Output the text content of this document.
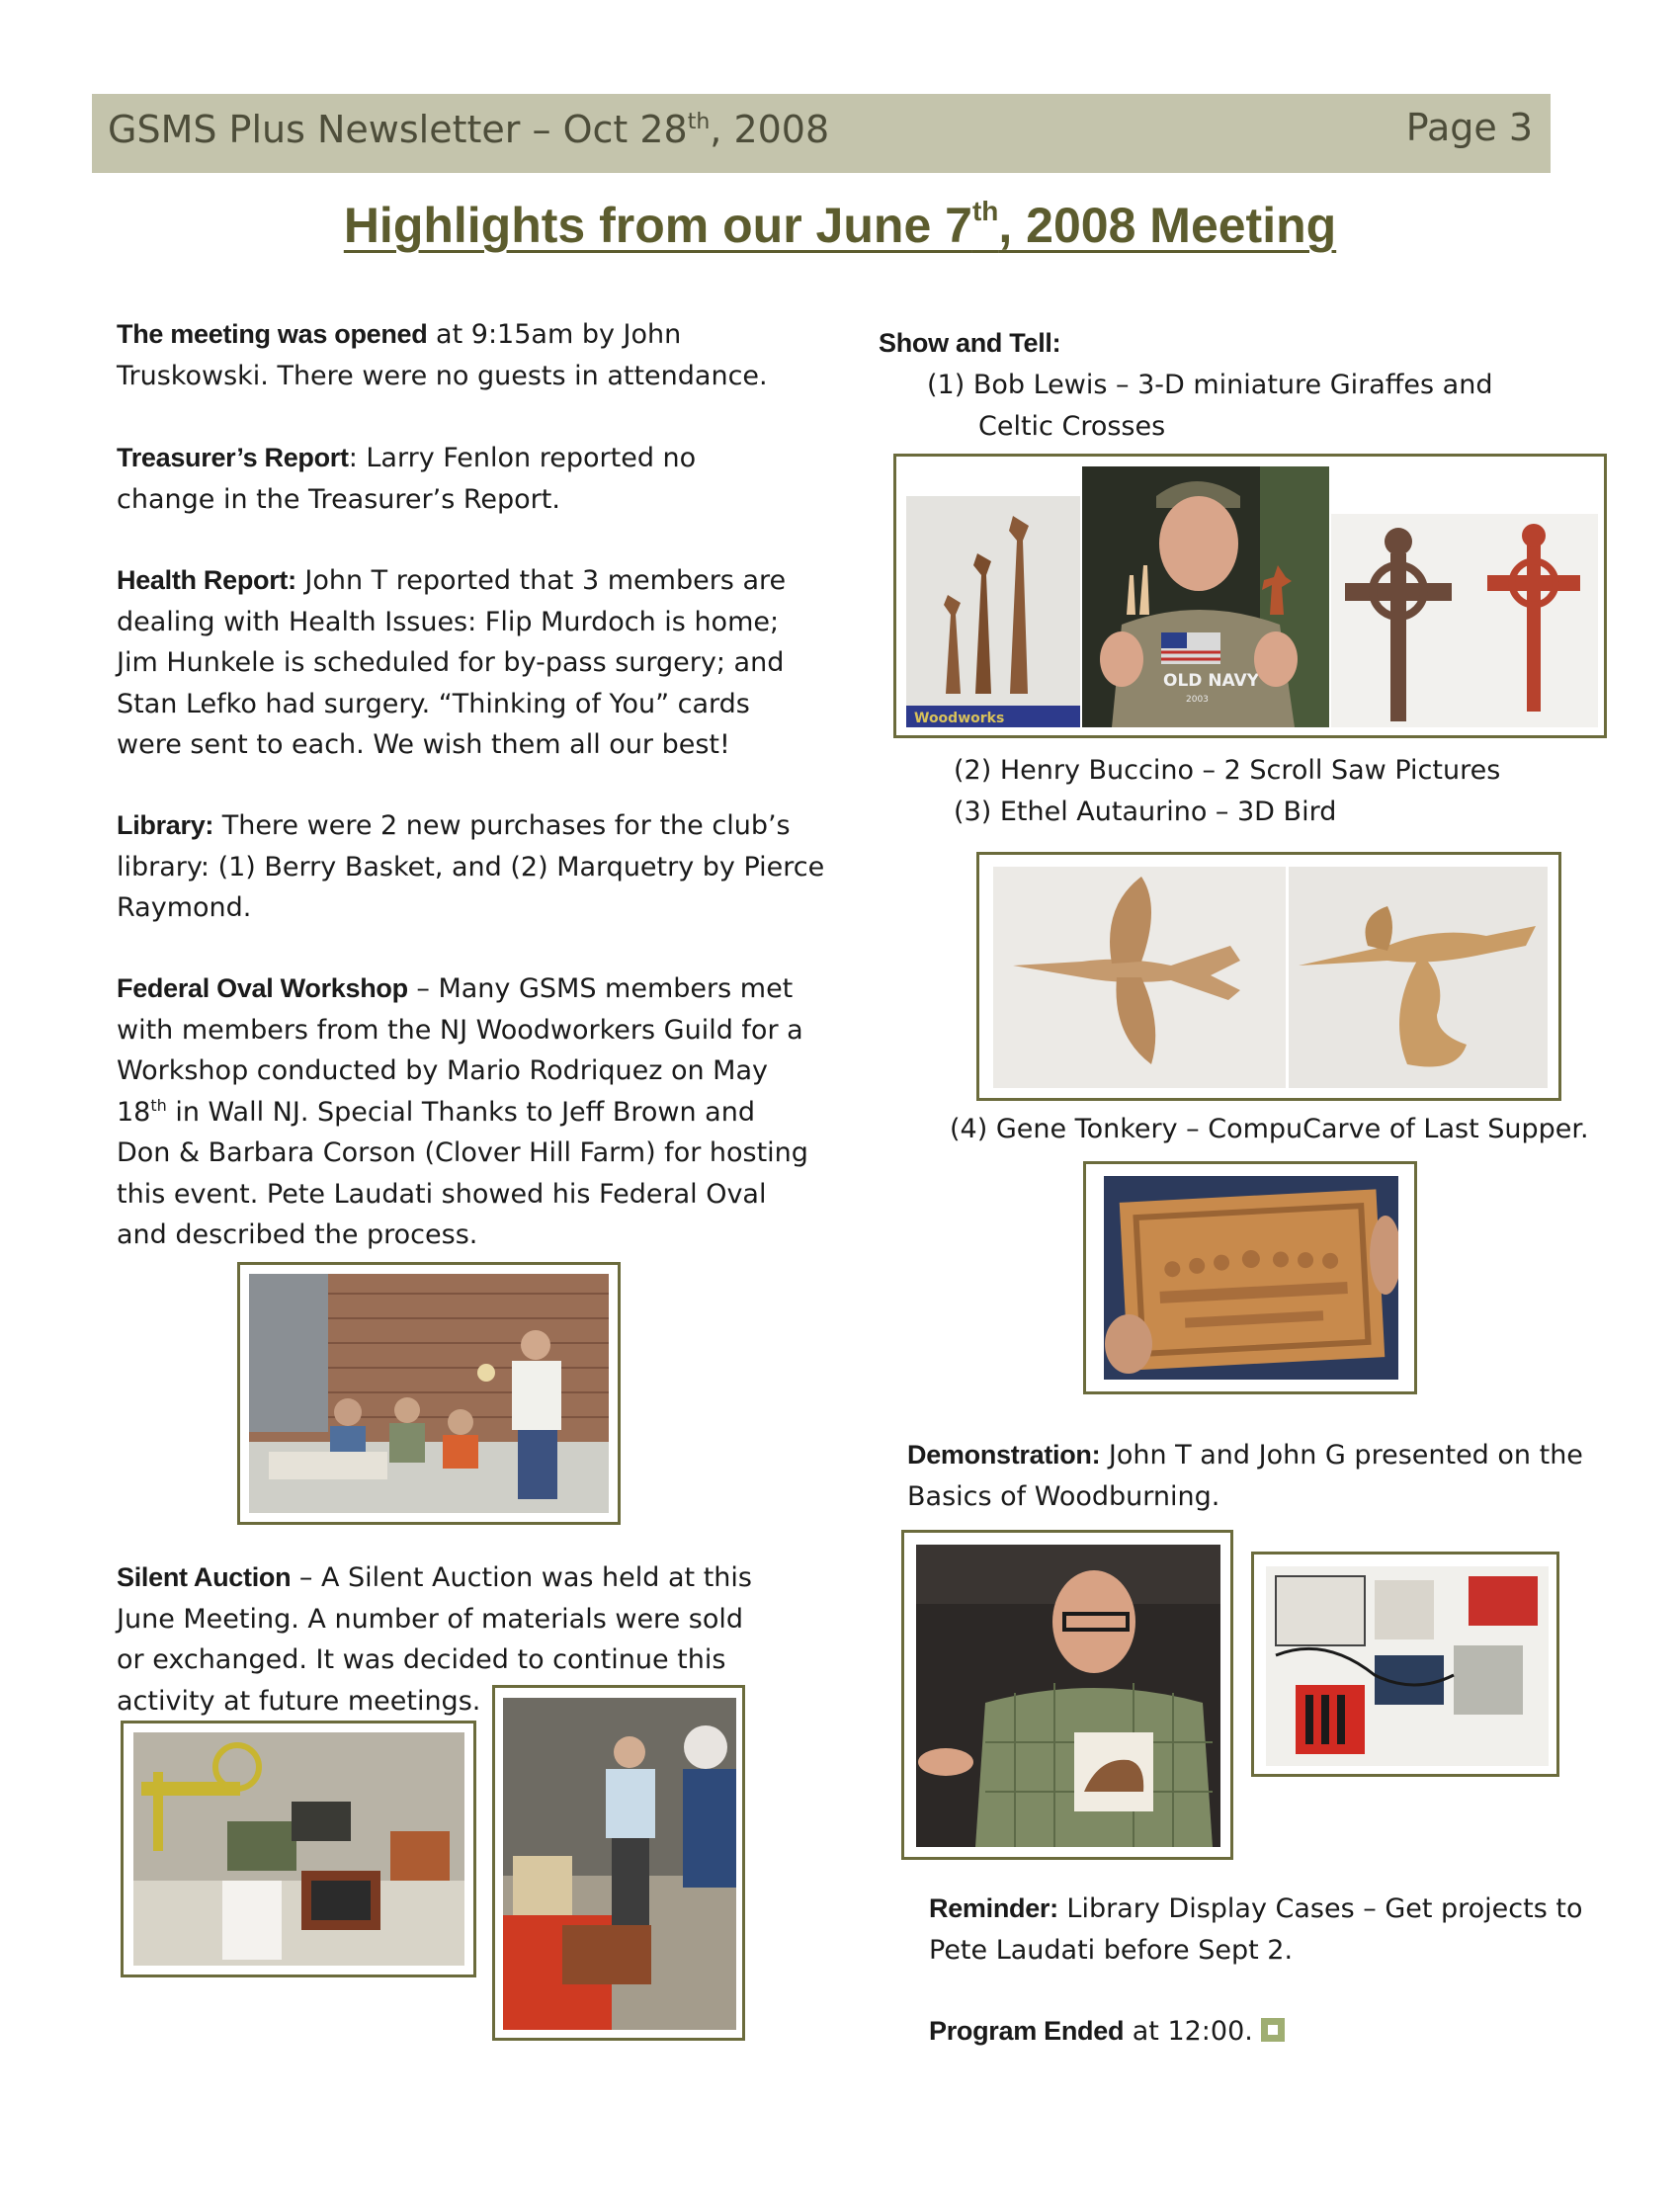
GSMS Plus Newsletter – Oct 28th, 2008	Page 3
Highlights from our June 7th, 2008 Meeting
The meeting was opened at 9:15am by John
Truskowski. There were no guests in attendance.
Treasurer’s Report: Larry Fenlon reported no
change in the Treasurer’s Report.
Health Report: John T reported that 3 members are
dealing with Health Issues: Flip Murdoch is home;
Jim Hunkele is scheduled for by-pass surgery; and
Stan Lefko had surgery. “Thinking of You” cards
were sent to each. We wish them all our best!
Library: There were 2 new purchases for the club’s
library: (1) Berry Basket, and (2) Marquetry by Pierce
Raymond.
Federal Oval Workshop – Many GSMS members met
with members from the NJ Woodworkers Guild for a
Workshop conducted by Mario Rodriquez on May
18th in Wall NJ. Special Thanks to Jeff Brown and
Don & Barbara Corson (Clover Hill Farm) for hosting
this event. Pete Laudati showed his Federal Oval
and described the process.
Silent Auction – A Silent Auction was held at this
June Meeting. A number of materials were sold
or exchanged. It was decided to continue this
activity at future meetings.
Show and Tell:
(1) Bob Lewis – 3-D miniature Giraffes and
Celtic Crosses
Woodworks
OLD NAVY
2003
(2) Henry Buccino – 2 Scroll Saw Pictures
(3) Ethel Autaurino – 3D Bird
(4) Gene Tonkery – CompuCarve of Last Supper.
Demonstration: John T and John G presented on the
Basics of Woodburning.
Reminder: Library Display Cases – Get projects to
Pete Laudati before Sept 2.
Program Ended at 12:00.
